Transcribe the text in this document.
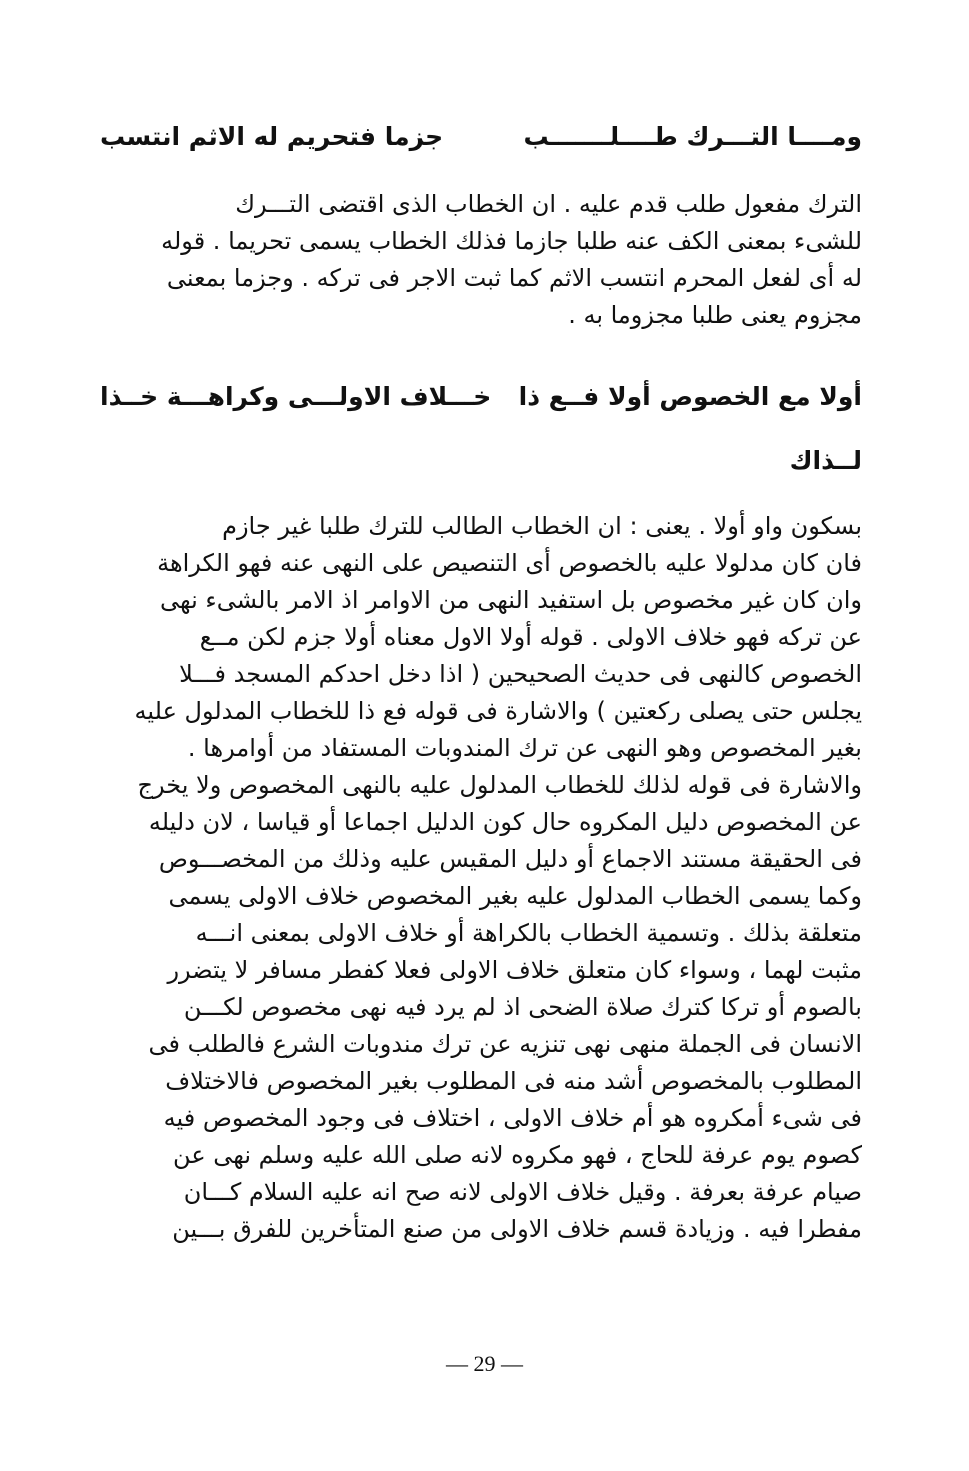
ومــــا التـــرك طــــلـــــــب
جزما فتحريم له الاثم انتسب
الترك مفعول طلب قدم عليه . ان الخطاب الذى اقتضى التـــرك
للشىء بمعنى الكف عنه طلبا جازما فذلك الخطاب يسمى تحريما . قوله
له أى لفعل المحرم انتسب الاثم كما ثبت الاجر فى تركه . وجزما بمعنى
مجزوم يعنى طلبا مجزوما به .
أولا مع الخصوص أولا فــع ذا
خـــلاف الاولـــى وكراهـــة خــذا
لــذاك
بسكون واو أولا . يعنى : ان الخطاب الطالب للترك طلبا غير جازم
فان كان مدلولا عليه بالخصوص أى التنصيص على النهى عنه فهو الكراهة
وان كان غير مخصوص بل استفيد النهى من الاوامر اذ الامر بالشىء نهى
عن تركه فهو خلاف الاولى . قوله أولا الاول معناه أولا جزم لكن مــع
الخصوص كالنهى فى حديث الصحيحين ( اذا دخل احدكم المسجد فـــلا
يجلس حتى يصلى ركعتين ) والاشارة فى قوله فع ذا للخطاب المدلول عليه
بغير المخصوص وهو النهى عن ترك المندوبات المستفاد من أوامرها .
والاشارة فى قوله لذلك للخطاب المدلول عليه بالنهى المخصوص ولا يخرج
عن المخصوص دليل المكروه حال كون الدليل اجماعا أو قياسا ، لان دليله
فى الحقيقة مستند الاجماع أو دليل المقيس عليه وذلك من المخصـــوص
وكما يسمى الخطاب المدلول عليه بغير المخصوص خلاف الاولى يسمى
متعلقة بذلك . وتسمية الخطاب بالكراهة أو خلاف الاولى بمعنى انـــه
مثبت لهما ، وسواء كان متعلق خلاف الاولى فعلا كفطر مسافر لا يتضرر
بالصوم أو تركا كترك صلاة الضحى اذ لم يرد فيه نهى مخصوص لكـــن
الانسان فى الجملة منهى نهى تنزيه عن ترك مندوبات الشرع فالطلب فى
المطلوب بالمخصوص أشد منه فى المطلوب بغير المخصوص فالاختلاف
فى شىء أمكروه هو أم خلاف الاولى ، اختلاف فى وجود المخصوص فيه
كصوم يوم عرفة للحاج ، فهو مكروه لانه صلى الله عليه وسلم نهى عن
صيام عرفة بعرفة . وقيل خلاف الاولى لانه صح انه عليه السلام كـــان
مفطرا فيه . وزيادة قسم خلاف الاولى من صنع المتأخرين للفرق بـــين
— 29 —
